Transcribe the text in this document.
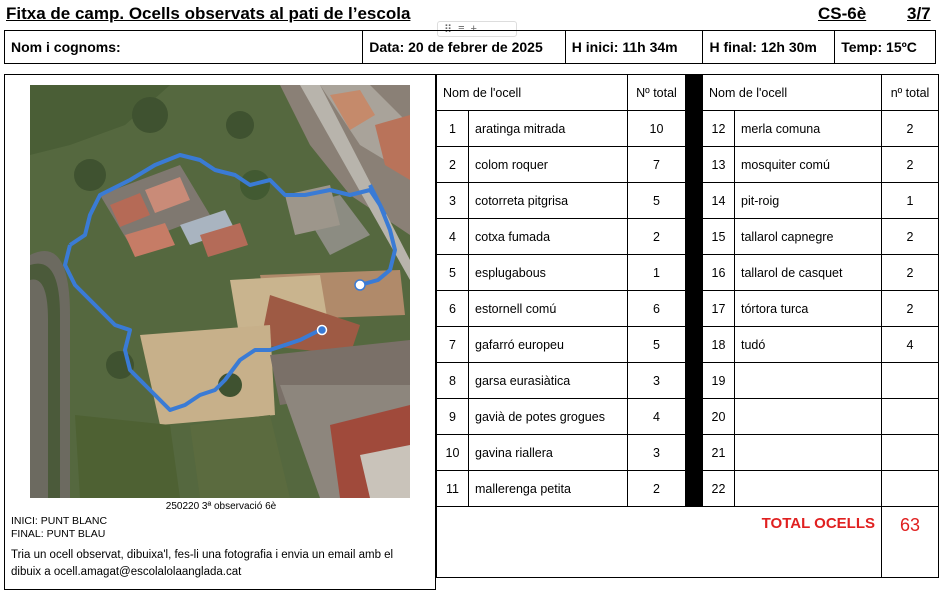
Fitxa de camp. Ocells observats al pati de l’escola	CS-6è 3/7
⠿ ≡ +
Nom i cognoms:	Data: 20 de febrer de 2025	H inici: 11h 34m	H final: 12h 30m	Temp: 15ºC
250220 3ª observació 6è
INICI: PUNT BLANC
FINAL: PUNT BLAU
Tria un ocell observat, dibuixa'l, fes-li una fotografia i envia un email amb el dibuix a ocell.amagat@escolalolaanglada.cat
Nom de l'ocell		Nº total		Nom de l'ocell		nº total
1	aratinga mitrada	10		12	merla comuna	2
2	colom roquer	7		13	mosquiter comú	2
3	cotorreta pitgrisa	5		14	pit-roig	1
4	cotxa fumada	2		15	tallarol capnegre	2
5	esplugabous	1		16	tallarol de casquet	2
6	estornell comú	6		17	tórtora turca	2
7	gafarró europeu	5		18	tudó	4
8	garsa eurasiàtica	3		19		
9	gavià de potes grogues	4		20		
10	gavina riallera	3		21		
11	mallerenga petita	2		22		
TOTAL OCELLS						63
